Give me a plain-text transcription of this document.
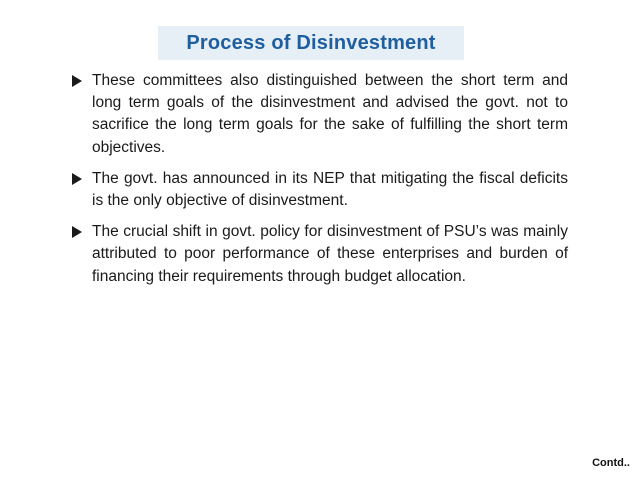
Process of Disinvestment
These committees also distinguished between the short term and long term goals of the disinvestment and advised the govt. not to sacrifice the long term goals for the sake of fulfilling the short term objectives.
The govt. has announced in its NEP that mitigating the fiscal deficits is the only objective of disinvestment.
The crucial shift in govt. policy for disinvestment of PSU’s was mainly attributed to poor performance of these enterprises and burden of financing their requirements through budget allocation.
Contd..
